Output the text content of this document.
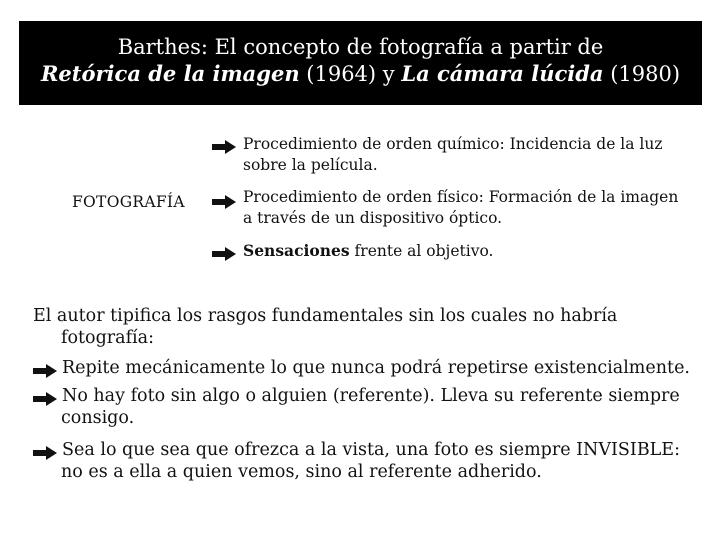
Barthes: El concepto de fotografía a partir de
Retórica de la imagen (1964) y La cámara lúcida (1980)
FOTOGRAFÍA
Procedimiento de orden químico: Incidencia de la luz
sobre la película.
Procedimiento de orden físico: Formación de la imagen
a través de un dispositivo óptico.
Sensaciones frente al objetivo.
El autor tipifica los rasgos fundamentales sin los cuales no habría
fotografía:
Repite mecánicamente lo que nunca podrá repetirse existencialmente.
No hay foto sin algo o alguien (referente). Lleva su referente siempre
consigo.
Sea lo que sea que ofrezca a la vista, una foto es siempre INVISIBLE:
no es a ella a quien vemos, sino al referente adherido.
